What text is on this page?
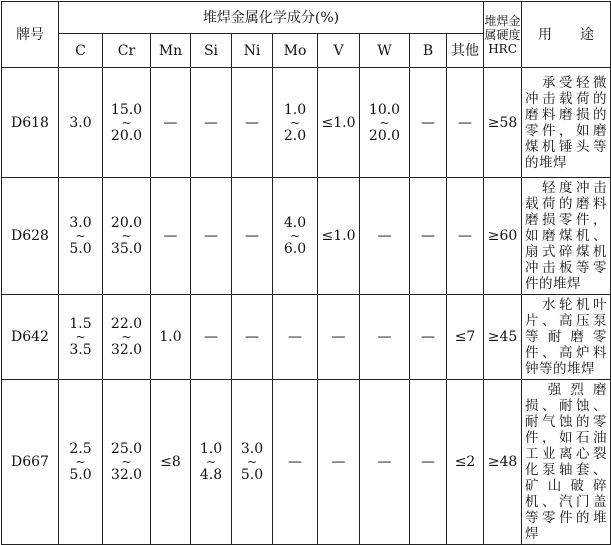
牌号	堆焊金属化学成分(%)										堆焊金
属硬度
HRC	用　　途
	C	Cr	Mn	Si	Ni	Mo	V	W	B	其他		
D618	3.0	15.0
~
20.0	—	—	—	1.0
~
2.0	≤1.0	10.0
~
20.0	—	—	≥58	　承受轻微冲击载荷的磨料磨损的零件，如磨煤机锤头等的堆焊
D628	3.0
~
5.0	20.0
~
35.0	—	—	—	4.0
~
6.0	≤1.0	—	—	—	≥60	　轻度冲击载荷的磨料磨损零件，如磨煤机、扇式碎煤机冲击板等零件的堆焊
D642	1.5
~
3.5	22.0
~
32.0	1.0	—	—	—	—	—	—	≤7	≥45	　水轮机叶片、高压泵等耐磨零件、高炉料钟等的堆焊
D667	2.5
~
5.0	25.0
~
32.0	≤8	1.0
~
4.8	3.0
~
5.0	—	—	—	—	≤2	≥48	　强烈磨损、耐蚀、耐气蚀的零件，如石油工业离心裂化泵轴套、矿山破碎机、汽门盖等零件的堆焊
